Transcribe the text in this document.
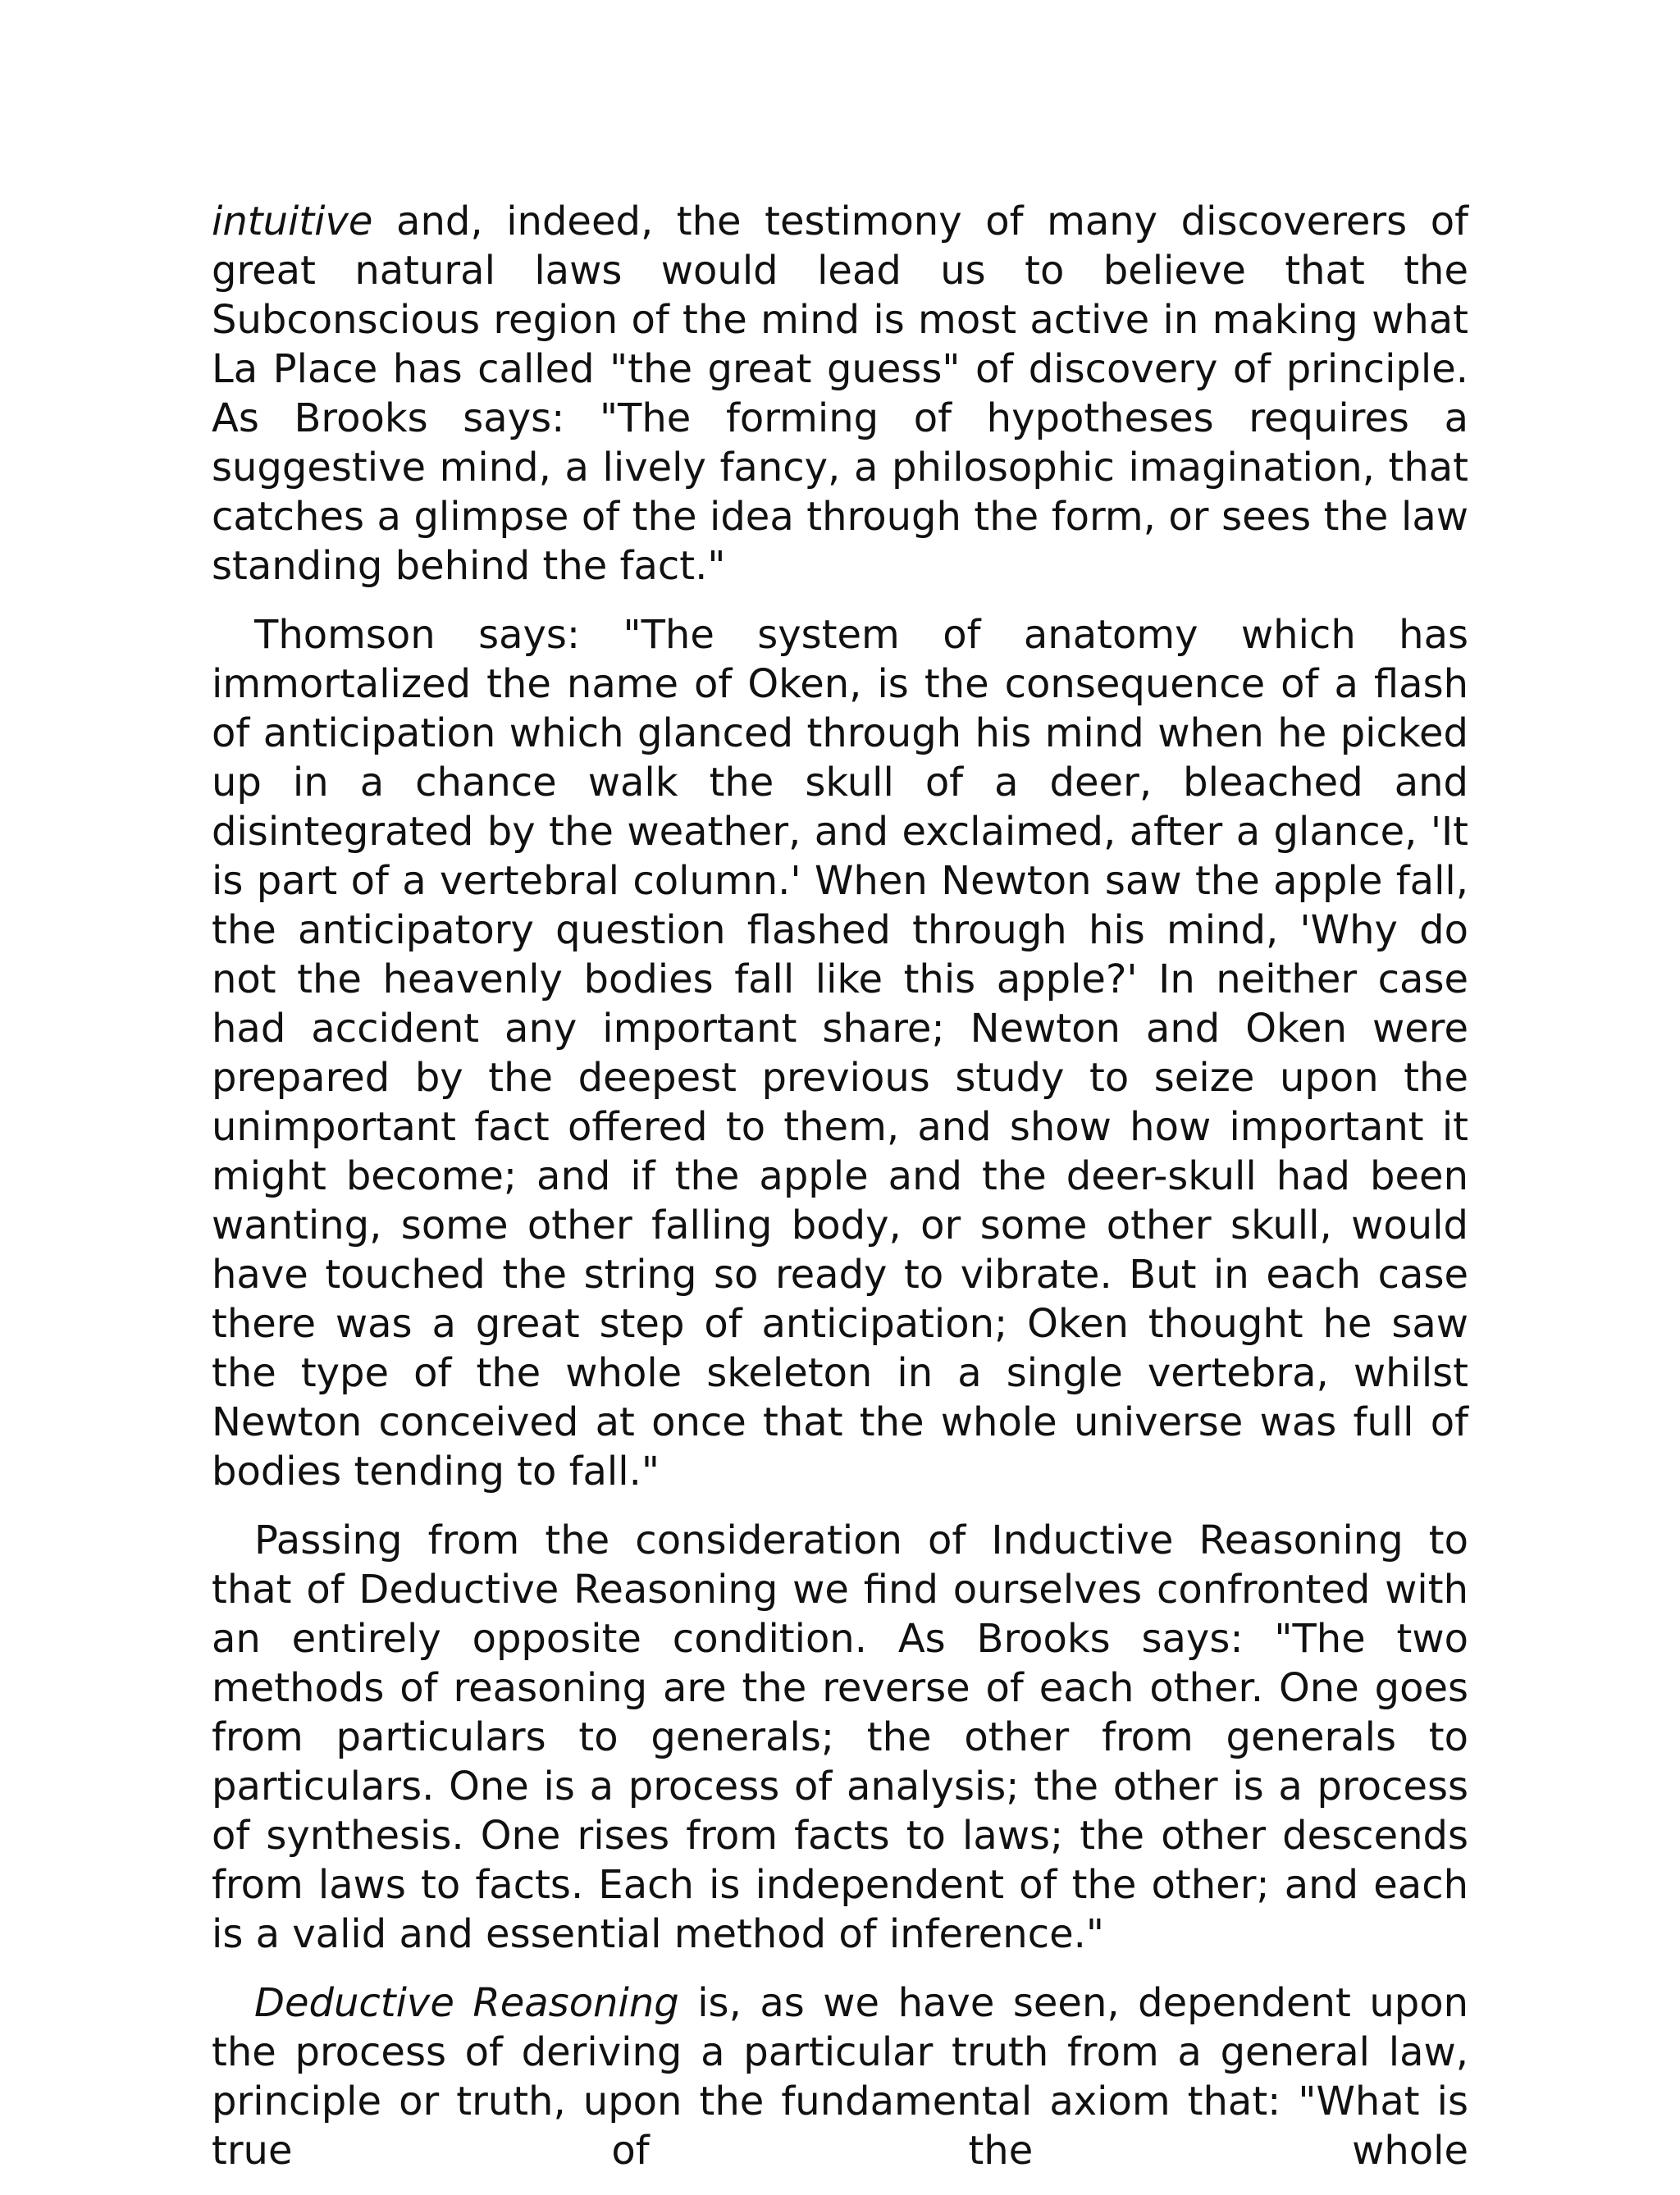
intuitive and, indeed, the testimony of many discoverers of great natural laws would lead us to believe that the Subconscious region of the mind is most active in making what La Place has called "the great guess" of discovery of principle. As Brooks says: "The forming of hypotheses requires a suggestive mind, a lively fancy, a philosophic imagination, that catches a glimpse of the idea through the form, or sees the law standing behind the fact."

Thomson says: "The system of anatomy which has immortalized the name of Oken, is the consequence of a flash of anticipation which glanced through his mind when he picked up in a chance walk the skull of a deer, bleached and disintegrated by the weather, and exclaimed, after a glance, 'It is part of a vertebral column.' When Newton saw the apple fall, the anticipatory question flashed through his mind, 'Why do not the heavenly bodies fall like this apple?' In neither case had accident any important share; Newton and Oken were prepared by the deepest previous study to seize upon the unimportant fact offered to them, and show how important it might become; and if the apple and the deer-skull had been wanting, some other falling body, or some other skull, would have touched the string so ready to vibrate. But in each case there was a great step of anticipation; Oken thought he saw the type of the whole skeleton in a single vertebra, whilst Newton conceived at once that the whole universe was full of bodies tending to fall."

Passing from the consideration of Inductive Reasoning to that of Deductive Reasoning we find ourselves confronted with an entirely opposite condition. As Brooks says: "The two methods of reasoning are the reverse of each other. One goes from particulars to generals; the other from generals to particulars. One is a process of analysis; the other is a process of synthesis. One rises from facts to laws; the other descends from laws to facts. Each is independent of the other; and each is a valid and essential method of inference."

Deductive Reasoning is, as we have seen, dependent upon the process of deriving a particular truth from a general law, principle or truth, upon the fundamental axiom that: "What is true of the whole
